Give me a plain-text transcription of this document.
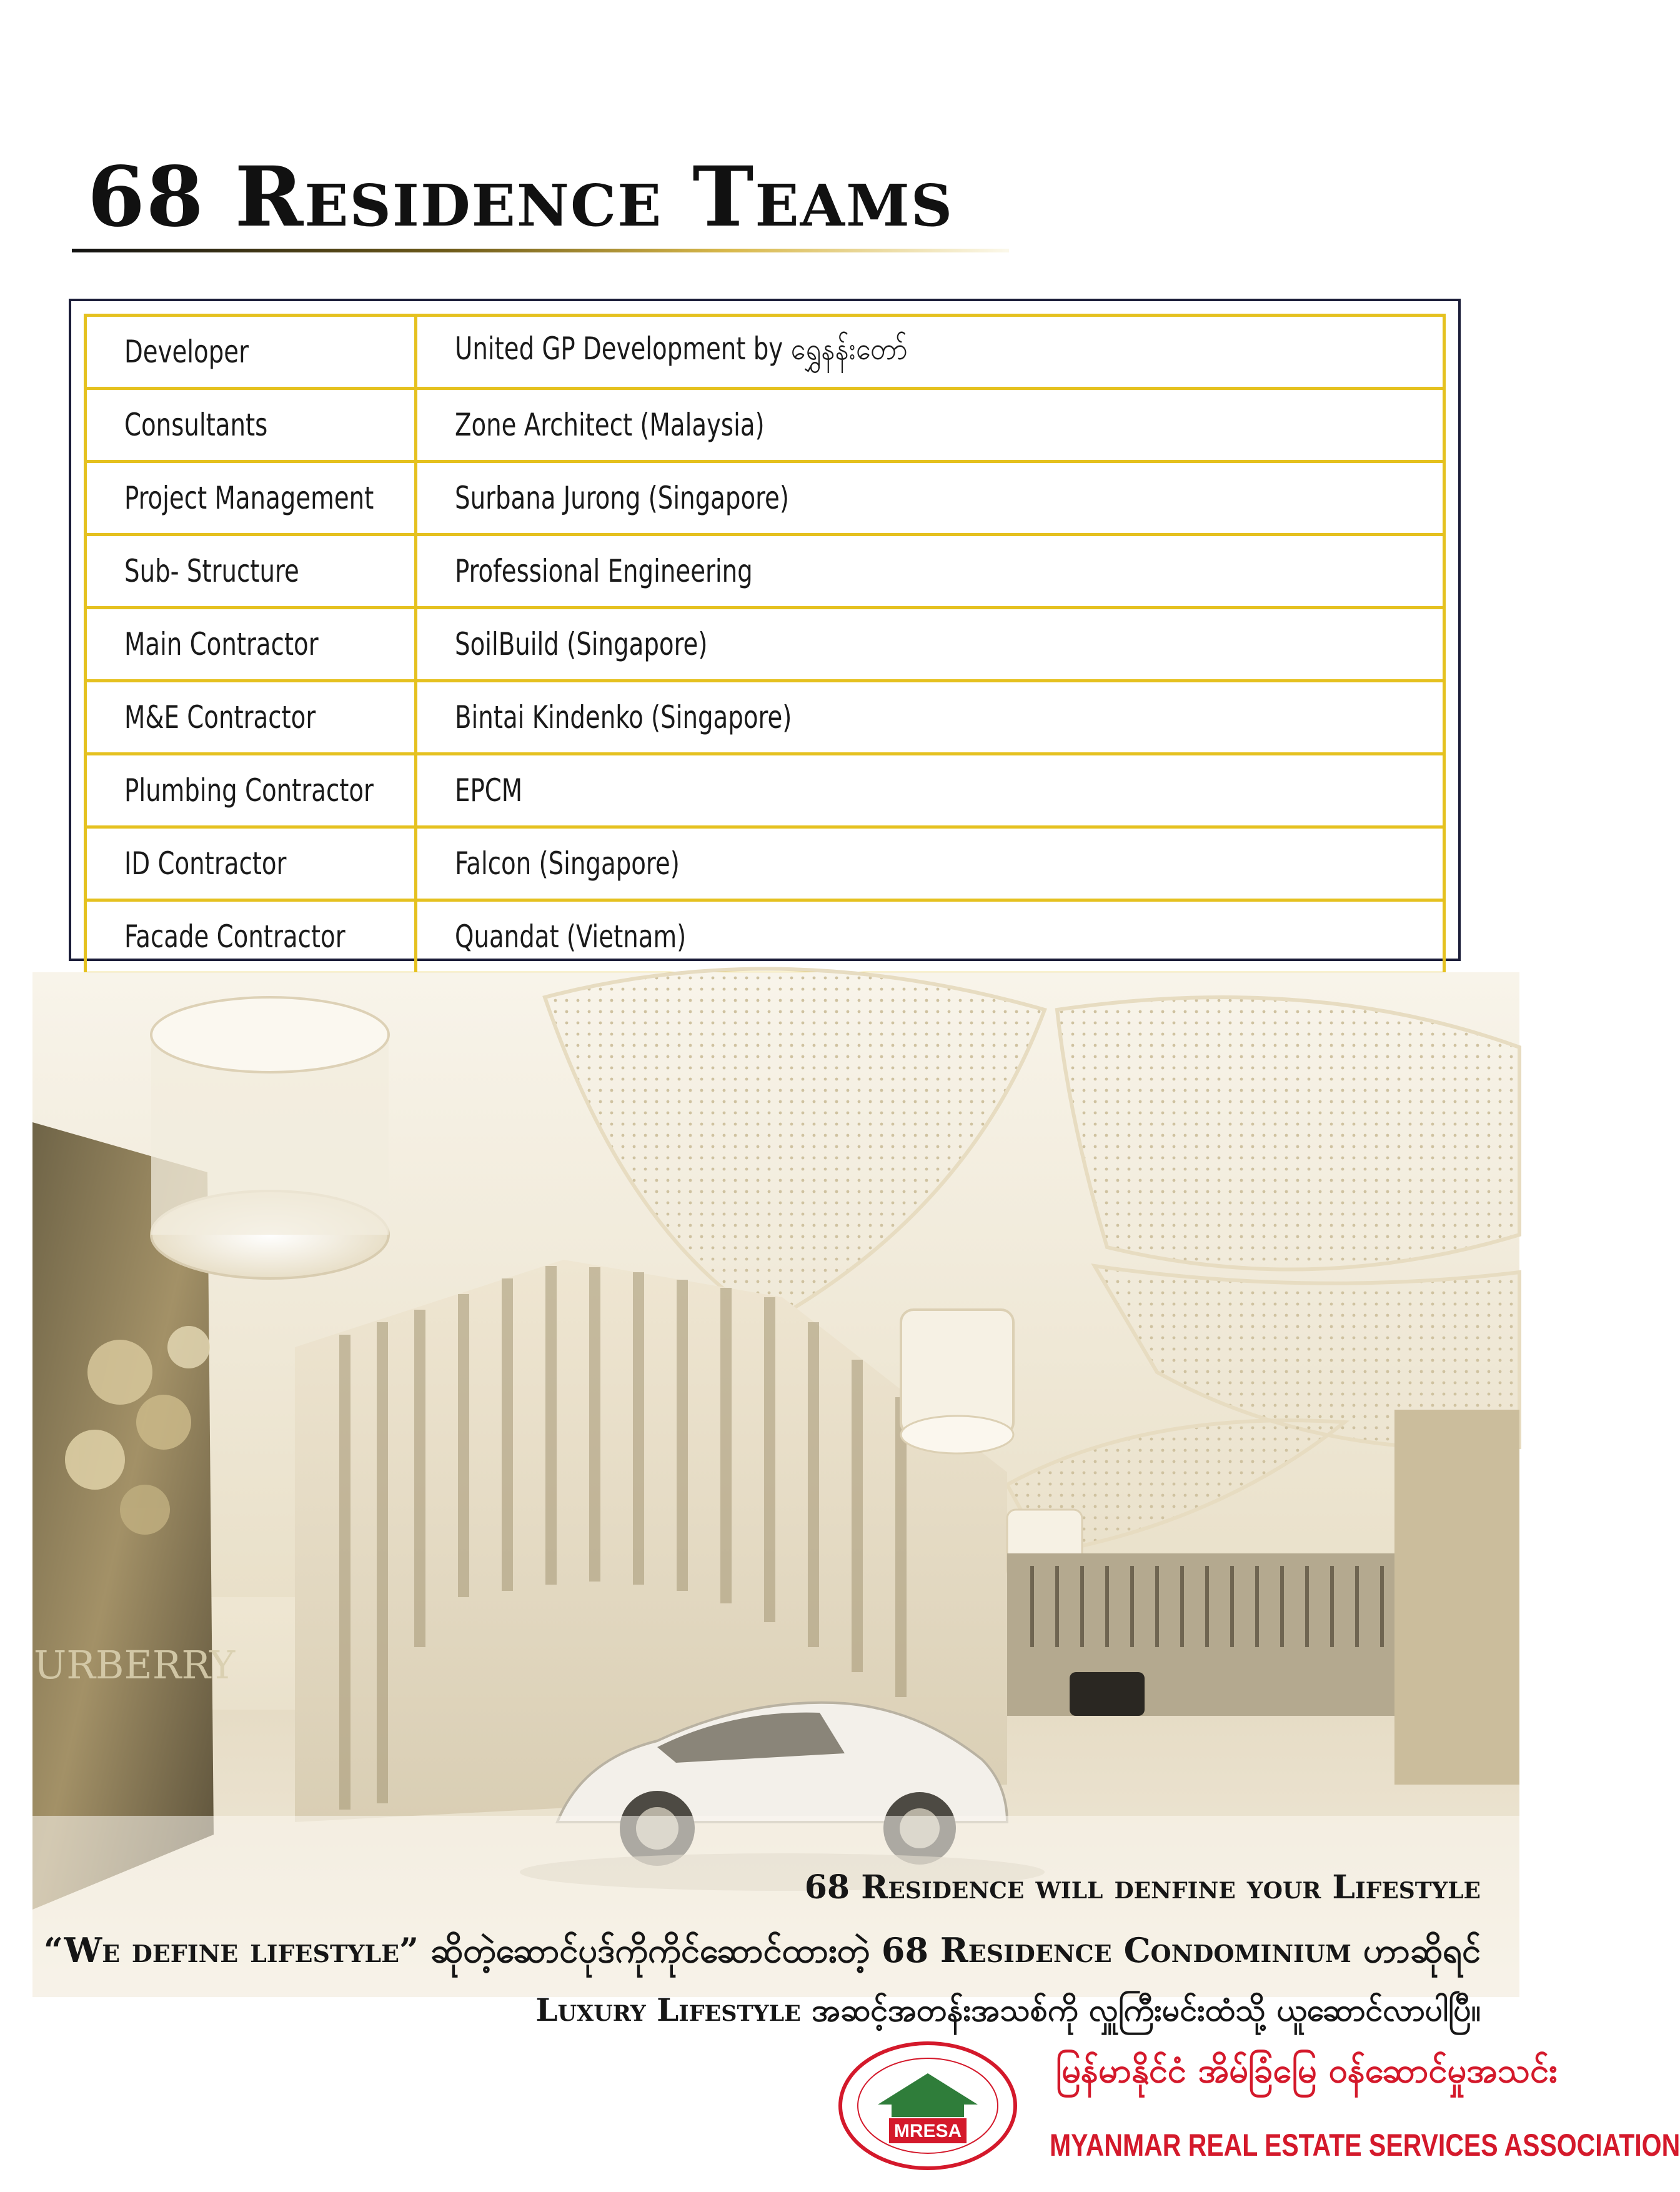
68 Residence Teams
Developer	United GP Development by ရွှေနန်းတော်
Consultants	Zone Architect (Malaysia)
Project Management	Surbana Jurong (Singapore)
Sub- Structure	Professional Engineering
Main Contractor	SoilBuild (Singapore)
M&E Contractor	Bintai Kindenko (Singapore)
Plumbing Contractor	EPCM
ID Contractor	Falcon (Singapore)
Facade Contractor	Quandat (Vietnam)
URBERRY
68 Residence will denfine your Lifestyle
“We define lifestyle” ဆိုတဲ့ဆောင်ပုဒ်ကိုကိုင်ဆောင်ထားတဲ့ 68 Residence Condominium ဟာဆိုရင်
Luxury Lifestyle အဆင့်အတန်းအသစ်ကို လှူကြီးမင်းထံသို့ ယူဆောင်လာပါပြီ။
MRESA
မြန်မာနိုင်ငံ အိမ်ခြံမြေ ဝန်ဆောင်မှုအသင်း
MYANMAR REAL ESTATE SERVICES ASSOCIATION
